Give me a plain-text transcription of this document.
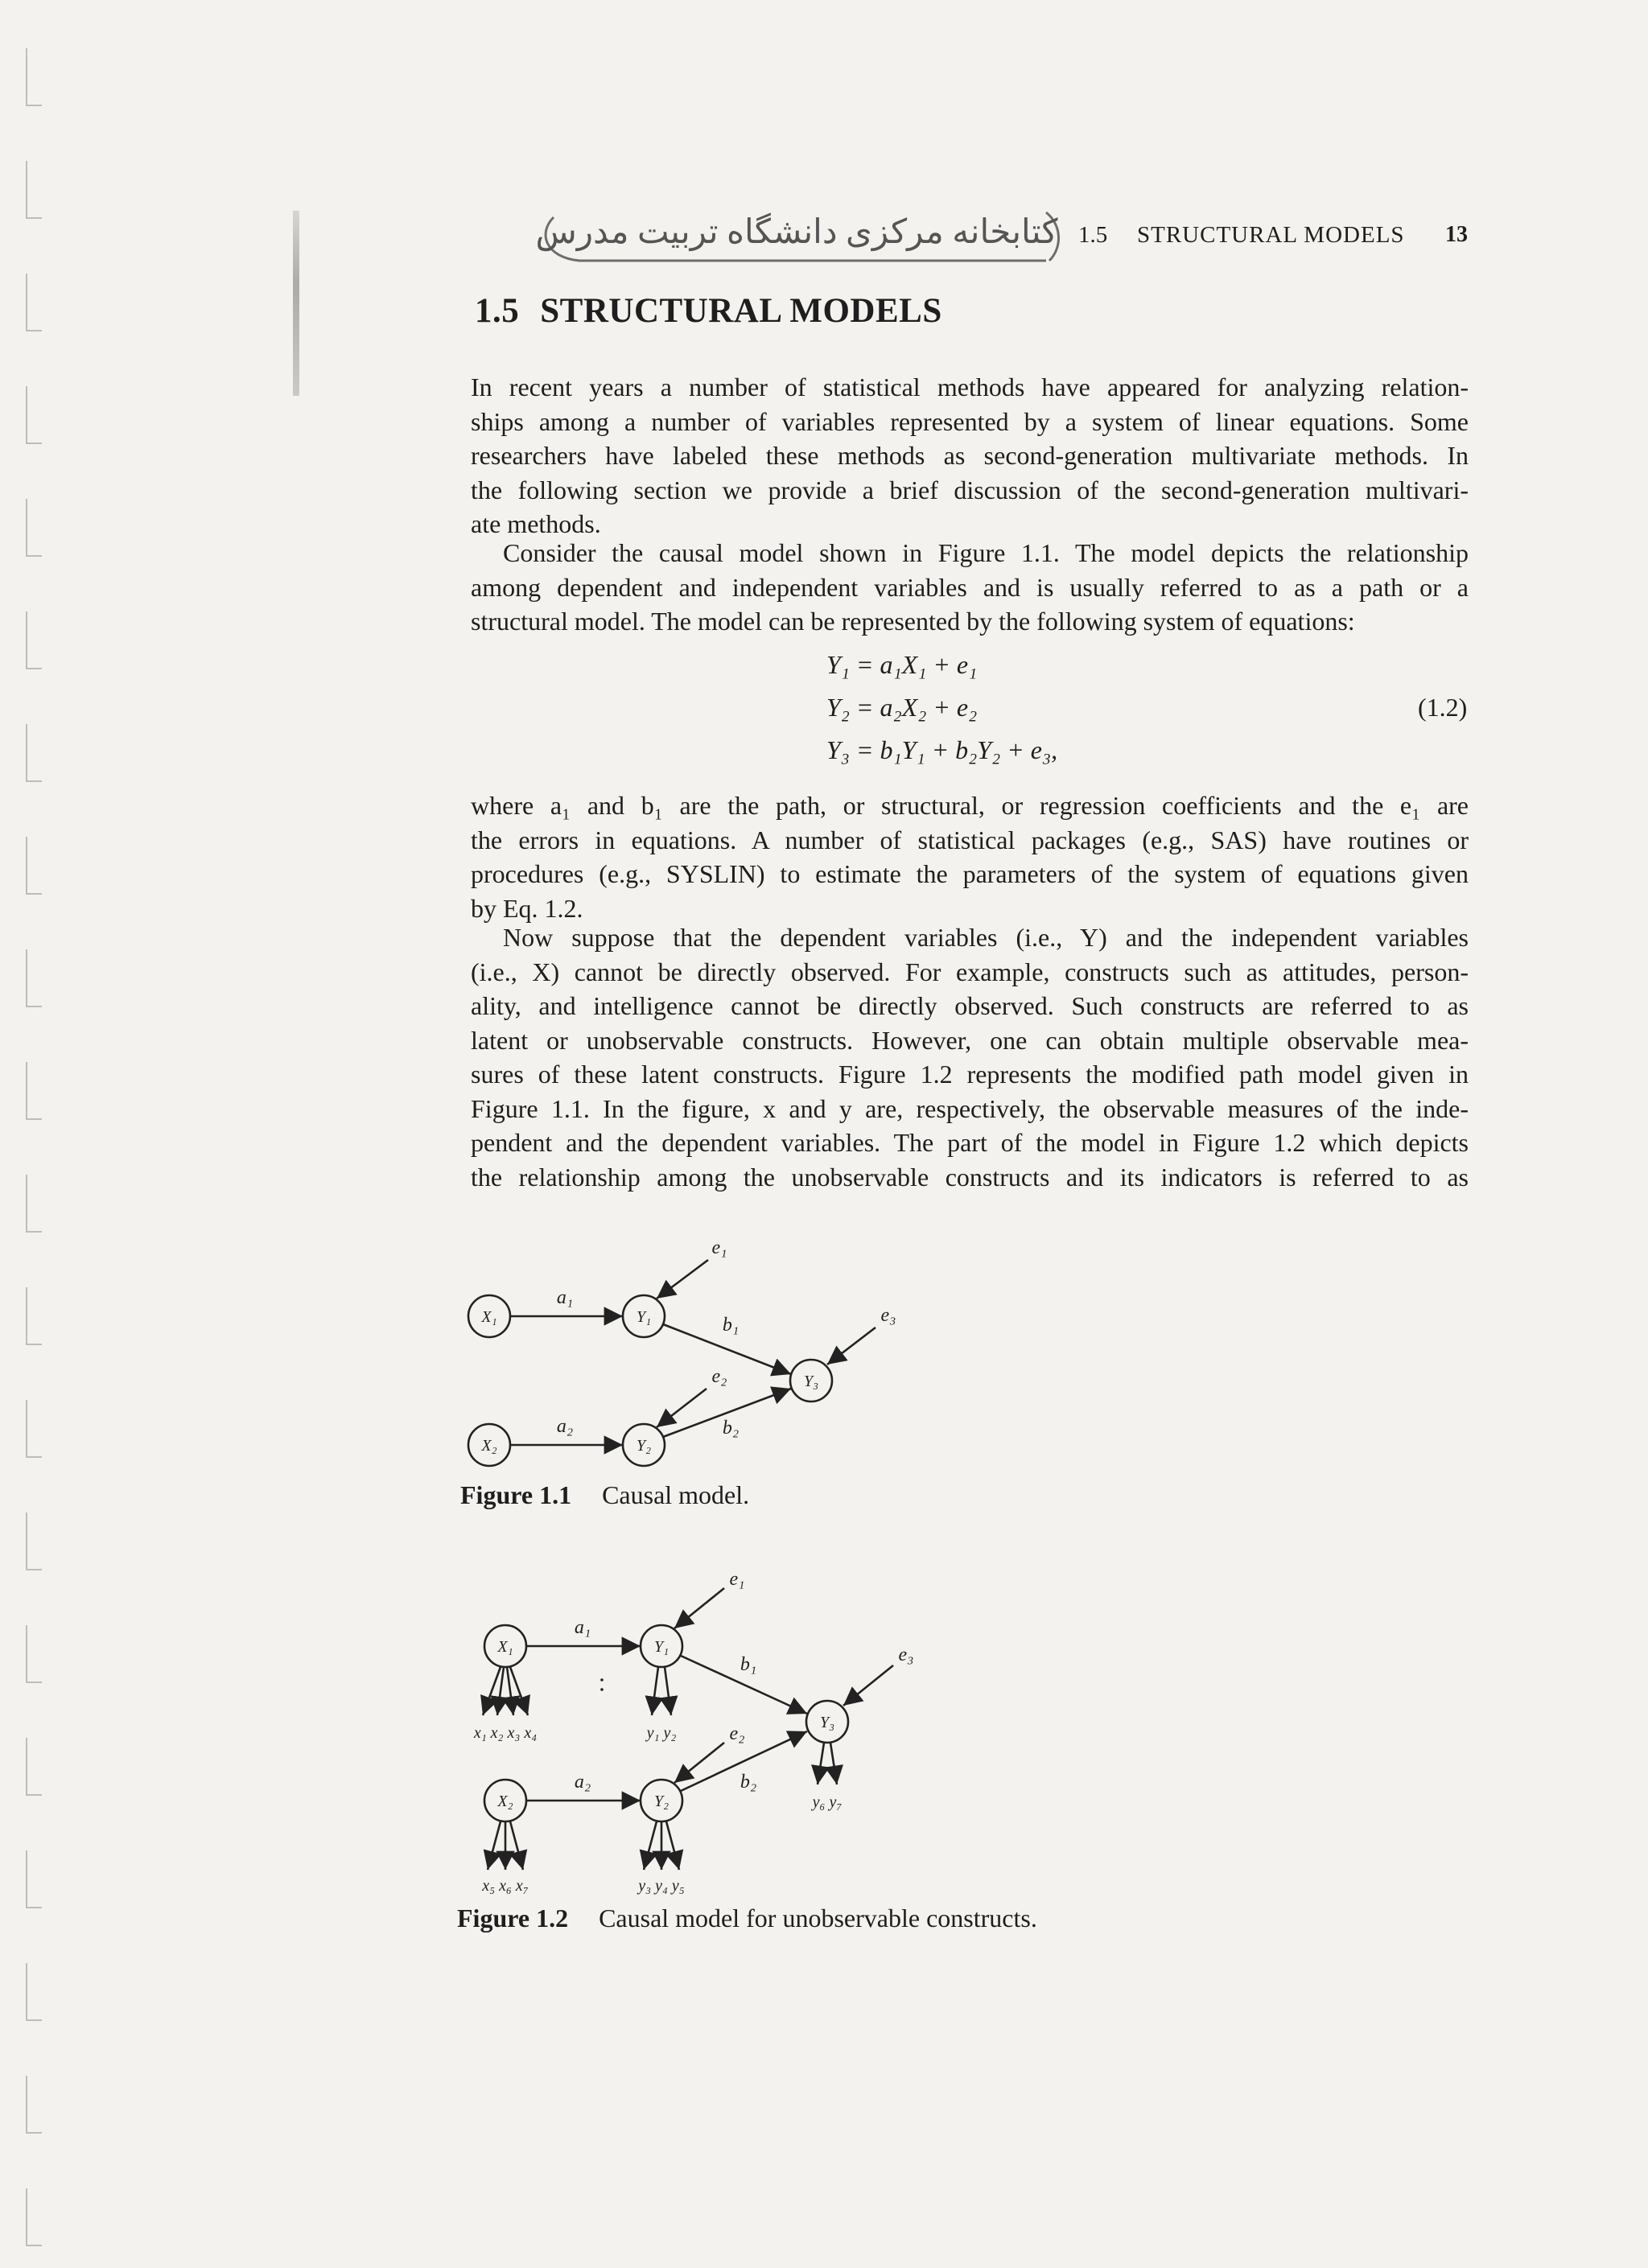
کتابخانه مرکزی دانشگاه تربیت مدرس 1.5 STRUCTURAL MODELS 13
1.5 STRUCTURAL MODELS

In recent years a number of statistical methods have appeared for analyzing relation-
ships among a number of variables represented by a system of linear equations. Some
researchers have labeled these methods as second-generation multivariate methods. In
the following section we provide a brief discussion of the second-generation multivari-
ate methods.

Consider the causal model shown in Figure 1.1. The model depicts the relationship
among dependent and independent variables and is usually referred to as a path or a
structural model. The model can be represented by the following system of equations:

Y₁ = a₁X₁ + e₁
Y₂ = a₂X₂ + e₂
Y₃ = b₁Y₁ + b₂Y₂ + e₃,
(1.2)

where a₁ and b₁ are the path, or structural, or regression coefficients and the e₁ are
the errors in equations. A number of statistical packages (e.g., SAS) have routines or
procedures (e.g., SYSLIN) to estimate the parameters of the system of equations given
by Eq. 1.2.

Now suppose that the dependent variables (i.e., Y) and the independent variables
(i.e., X) cannot be directly observed. For example, constructs such as attitudes, person-
ality, and intelligence cannot be directly observed. Such constructs are referred to as
latent or unobservable constructs. However, one can obtain multiple observable mea-
sures of these latent constructs. Figure 1.2 represents the modified path model given in
Figure 1.1. In the figure, x and y are, respectively, the observable measures of the inde-
pendent and the dependent variables. The part of the model in Figure 1.2 which depicts
the relationship among the unobservable constructs and its indicators is referred to as

X₁	Y₁
Y₃
X₂	Y₂
a₁
a₂
b₁
b₂
e₁
e₂
e₃
Figure 1.1 Causal model.
X₁	Y₁
Y₃
X₂	Y₂
a₁
a₂
b₁
b₂
e₁
e₂
e₃
x₁ x₂ x₃ x₄	y₁ y₂
y₆ y₇
x₅ x₆ x₇	y₃ y₄ y₅
Figure 1.2 Causal model for unobservable constructs.
